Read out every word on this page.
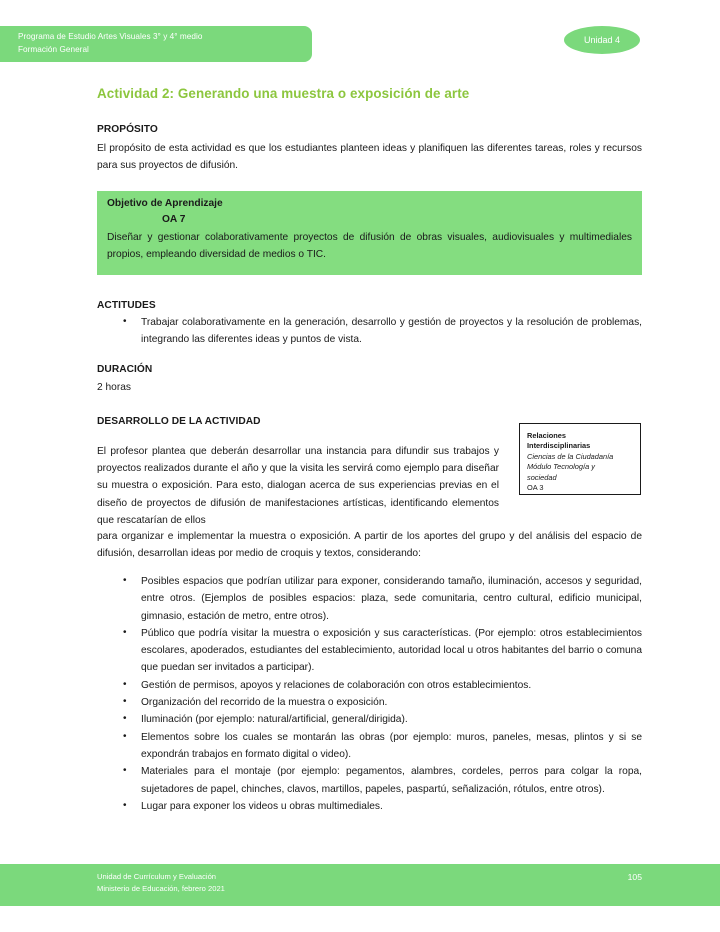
Programa de Estudio Artes Visuales 3° y 4° medio
Formación General
Unidad 4
Actividad 2: Generando una muestra o exposición de arte
PROPÓSITO
El propósito de esta actividad es que los estudiantes planteen ideas y planifiquen las diferentes tareas, roles y recursos para sus proyectos de difusión.
Objetivo de Aprendizaje
OA 7
Diseñar y gestionar colaborativamente proyectos de difusión de obras visuales, audiovisuales y multimediales propios, empleando diversidad de medios o TIC.
ACTITUDES
• Trabajar colaborativamente en la generación, desarrollo y gestión de proyectos y la resolución de problemas, integrando las diferentes ideas y puntos de vista.
DURACIÓN
2 horas
DESARROLLO DE LA ACTIVIDAD
El profesor plantea que deberán desarrollar una instancia para difundir sus trabajos y proyectos realizados durante el año y que la visita les servirá como ejemplo para diseñar su muestra o exposición. Para esto, dialogan acerca de sus experiencias previas en el diseño de proyectos de difusión de manifestaciones artísticas, identificando elementos que rescatarían de ellos
para organizar e implementar la muestra o exposición. A partir de los aportes del grupo y del análisis del espacio de difusión, desarrollan ideas por medio de croquis y textos, considerando:
• Posibles espacios que podrían utilizar para exponer, considerando tamaño, iluminación, accesos y seguridad, entre otros. (Ejemplos de posibles espacios: plaza, sede comunitaria, centro cultural, edificio municipal, gimnasio, estación de metro, entre otros).
• Público que podría visitar la muestra o exposición y sus características. (Por ejemplo: otros establecimientos escolares, apoderados, estudiantes del establecimiento, autoridad local u otros habitantes del barrio o comuna que puedan ser invitados a participar).
• Gestión de permisos, apoyos y relaciones de colaboración con otros establecimientos.
• Organización del recorrido de la muestra o exposición.
• Iluminación (por ejemplo: natural/artificial, general/dirigida).
• Elementos sobre los cuales se montarán las obras (por ejemplo: muros, paneles, mesas, plintos y si se expondrán trabajos en formato digital o video).
• Materiales para el montaje (por ejemplo: pegamentos, alambres, cordeles, perros para colgar la ropa, sujetadores de papel, chinches, clavos, martillos, papeles, paspartú, señalización, rótulos, entre otros).
• Lugar para exponer los videos u obras multimediales.
Relaciones
Interdisciplinarias
Ciencias de la Ciudadanía
Módulo Tecnología y
sociedad
OA 3
Unidad de Currículum y Evaluación
Ministerio de Educación, febrero 2021
105
